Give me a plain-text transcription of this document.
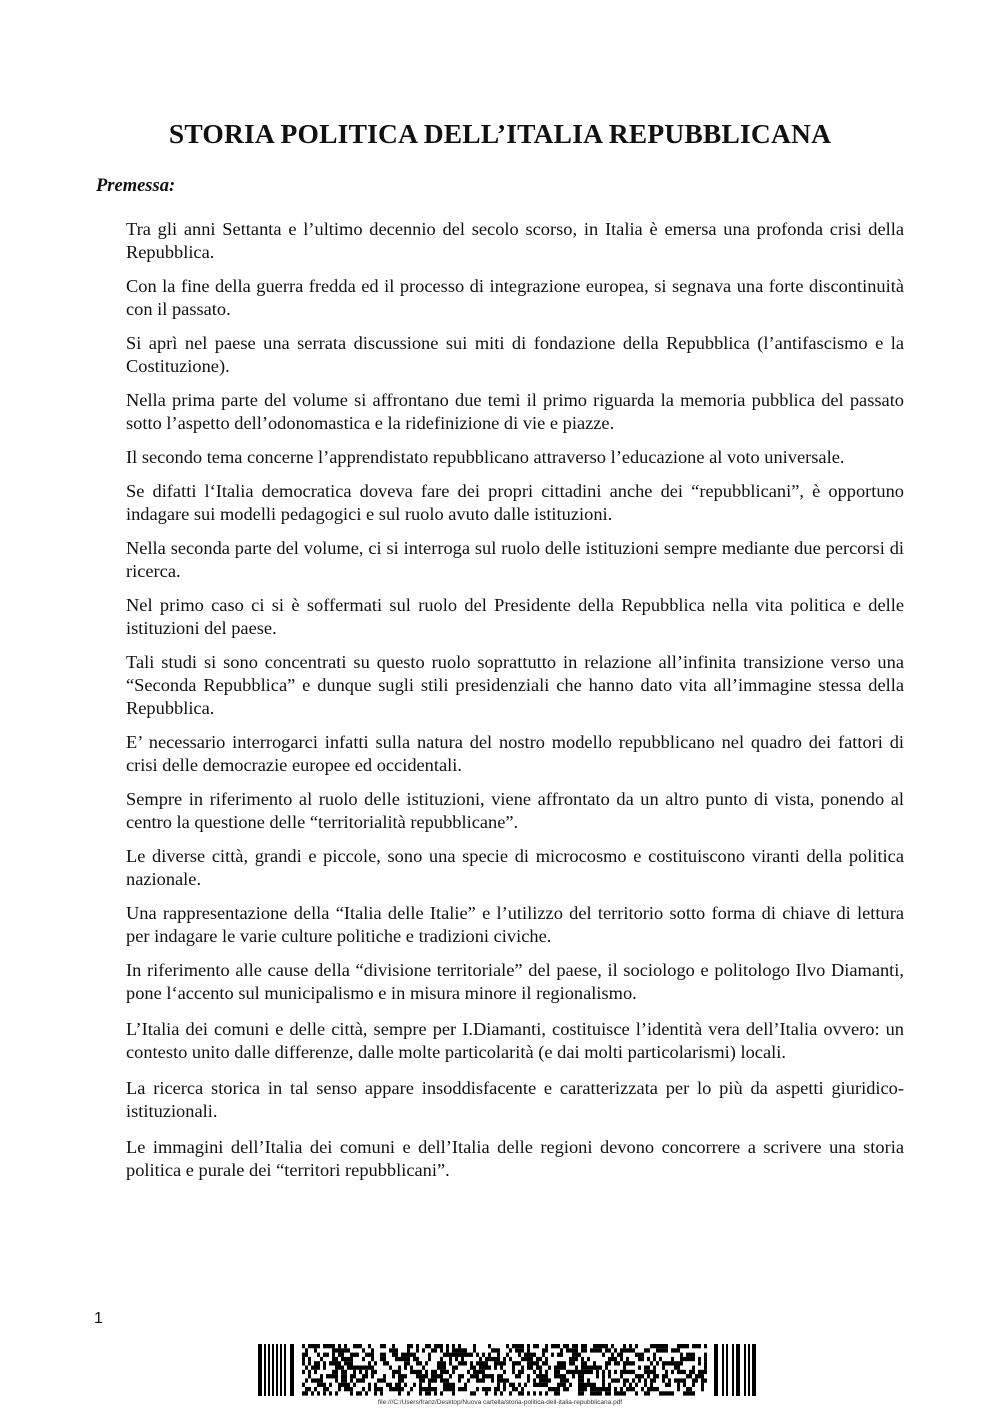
STORIA POLITICA DELL’ITALIA REPUBBLICANA
Premessa:

Tra gli anni Settanta e l’ultimo decennio del secolo scorso, in Italia è emersa una profonda crisi della Repubblica.

Con la fine della guerra fredda ed il processo di integrazione europea, si segnava una forte discontinuità con il passato.

Si aprì nel paese una serrata discussione sui miti di fondazione della Repubblica (l’antifascismo e la Costituzione).

Nella prima parte del volume si affrontano due temi il primo riguarda la memoria pubblica del passato sotto l’aspetto dell’odonomastica e la ridefinizione di vie e piazze.

Il secondo tema concerne l’apprendistato repubblicano attraverso l’educazione al voto universale.

Se difatti l‘Italia democratica doveva fare dei propri cittadini anche dei “repubblicani”, è opportuno indagare sui modelli pedagogici e sul ruolo avuto dalle istituzioni.

Nella seconda parte del volume, ci si interroga sul ruolo delle istituzioni sempre mediante due percorsi di ricerca.

Nel primo caso ci si è soffermati sul ruolo del Presidente della Repubblica nella vita politica e delle istituzioni del paese.

Tali studi si sono concentrati su questo ruolo soprattutto in relazione all’infinita transizione verso una “Seconda Repubblica” e dunque sugli stili presidenziali che hanno dato vita all’immagine stessa della Repubblica.

E’ necessario interrogarci infatti sulla natura del nostro modello repubblicano nel quadro dei fattori di crisi delle democrazie europee ed occidentali.

Sempre in riferimento al ruolo delle istituzioni, viene affrontato da un altro punto di vista, ponendo al centro la questione delle “territorialità repubblicane”.

Le diverse città, grandi e piccole, sono una specie di microcosmo e costituiscono viranti della politica nazionale.

Una rappresentazione della “Italia delle Italie” e l’utilizzo del territorio sotto forma di chiave di lettura per indagare le varie culture politiche e tradizioni civiche.

In riferimento alle cause della “divisione territoriale” del paese, il sociologo e politologo Ilvo Diamanti, pone l‘accento sul municipalismo e in misura minore il regionalismo.

L’Italia dei comuni e delle città, sempre per I.Diamanti, costituisce l’identità vera dell’Italia ovvero: un contesto unito dalle differenze, dalle molte particolarità (e dai molti particolarismi) locali.

La ricerca storica in tal senso appare insoddisfacente e caratterizzata per lo più da aspetti giuridico-istituzionali.

Le immagini dell’Italia dei comuni e dell’Italia delle regioni devono concorrere a scrivere una storia politica e purale dei “territori repubblicani”.

1
file:///C:/Users/franz/Desktop/Nuova cartella/storia-politica-dell-italia-repubblicana.pdf
